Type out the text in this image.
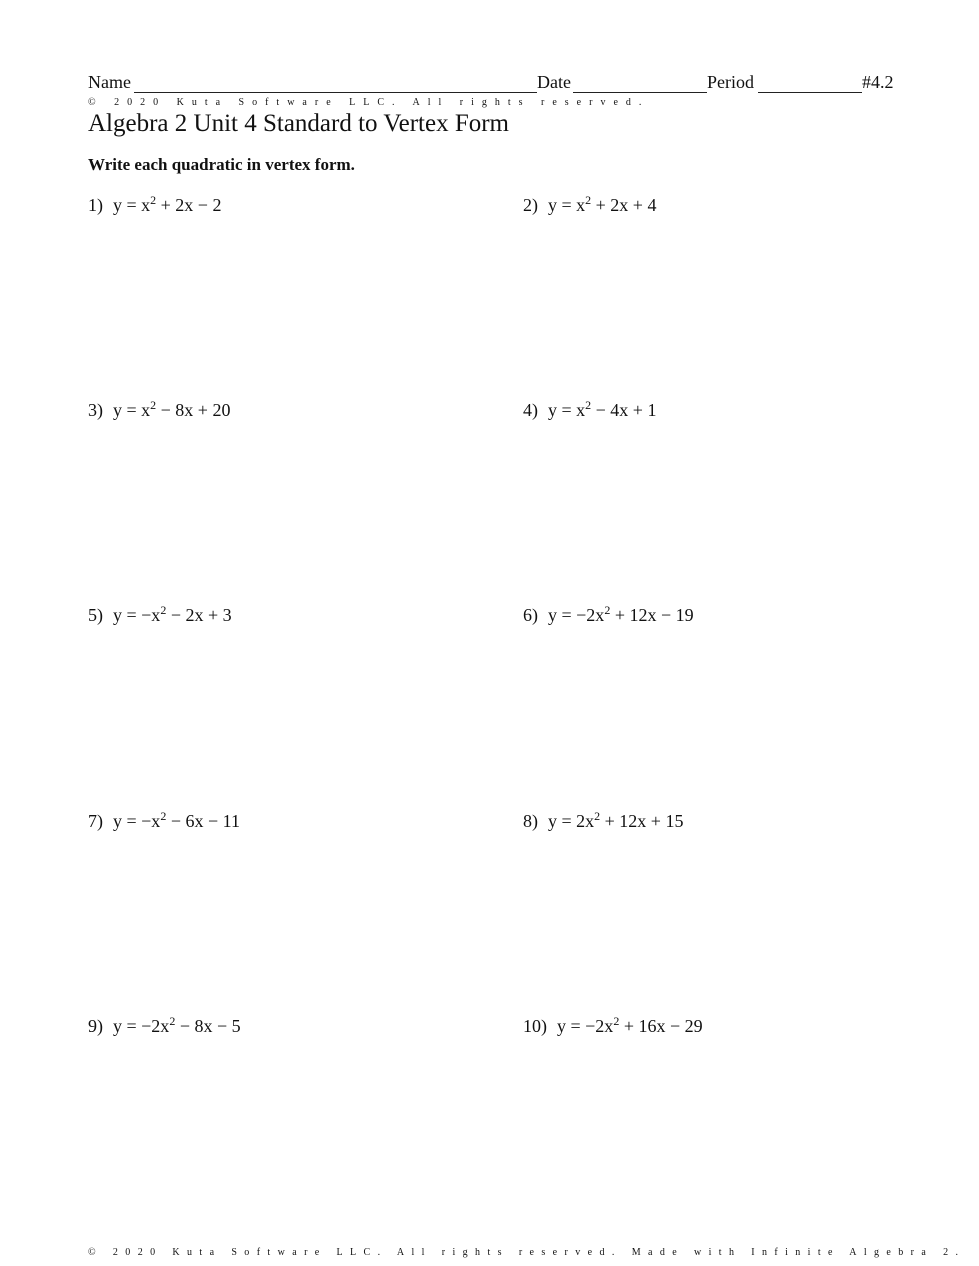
Name	Date	Period	#4.2
© 2020 Kuta Software LLC. All rights reserved.
Algebra 2 Unit 4 Standard to Vertex Form
Write each quadratic in vertex form.
1) $y = x^2 + 2x - 2$	2) $y = x^2 + 2x + 4$
3) $y = x^2 - 8x + 20$	4) $y = x^2 - 4x + 1$
5) $y = -x^2 - 2x + 3$	6) $y = -2x^2 + 12x - 19$
7) $y = -x^2 - 6x - 11$	8) $y = 2x^2 + 12x + 15$
9) $y = -2x^2 - 8x - 5$	10) $y = -2x^2 + 16x - 29$
© 2020 Kuta Software LLC. All rights reserved. Made with Infinite Algebra 2.
